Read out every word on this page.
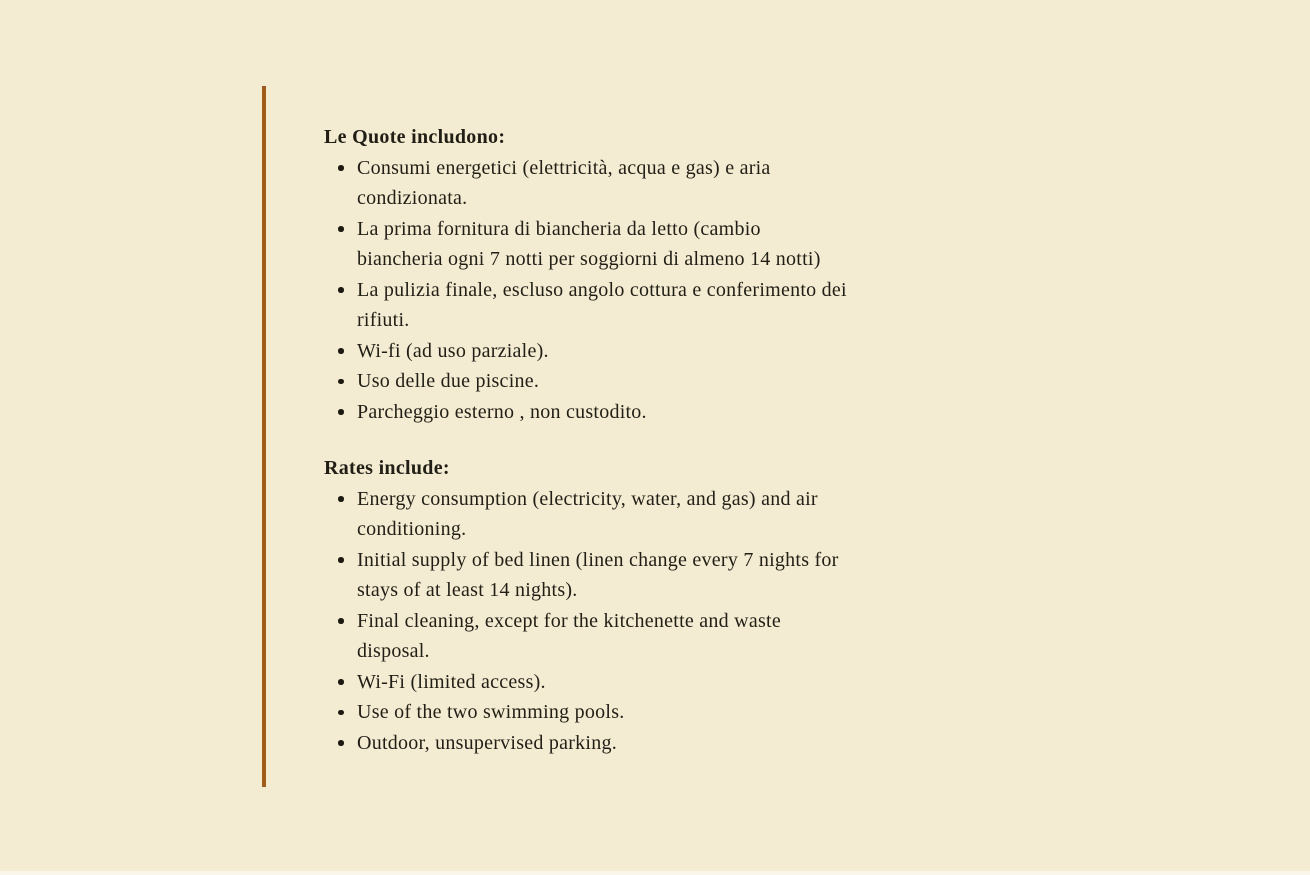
Le Quote includono:
Consumi energetici (elettricità, acqua e gas) e aria
condizionata.
La prima fornitura di biancheria da letto (cambio
biancheria ogni 7 notti per soggiorni di almeno 14 notti)
La pulizia finale, escluso angolo cottura e conferimento dei
rifiuti.
Wi-fi (ad uso parziale).
Uso delle due piscine.
Parcheggio esterno , non custodito.
Rates include:
Energy consumption (electricity, water, and gas) and air
conditioning.
Initial supply of bed linen (linen change every 7 nights for
stays of at least 14 nights).
Final cleaning, except for the kitchenette and waste
disposal.
Wi-Fi (limited access).
Use of the two swimming pools.
Outdoor, unsupervised parking.
